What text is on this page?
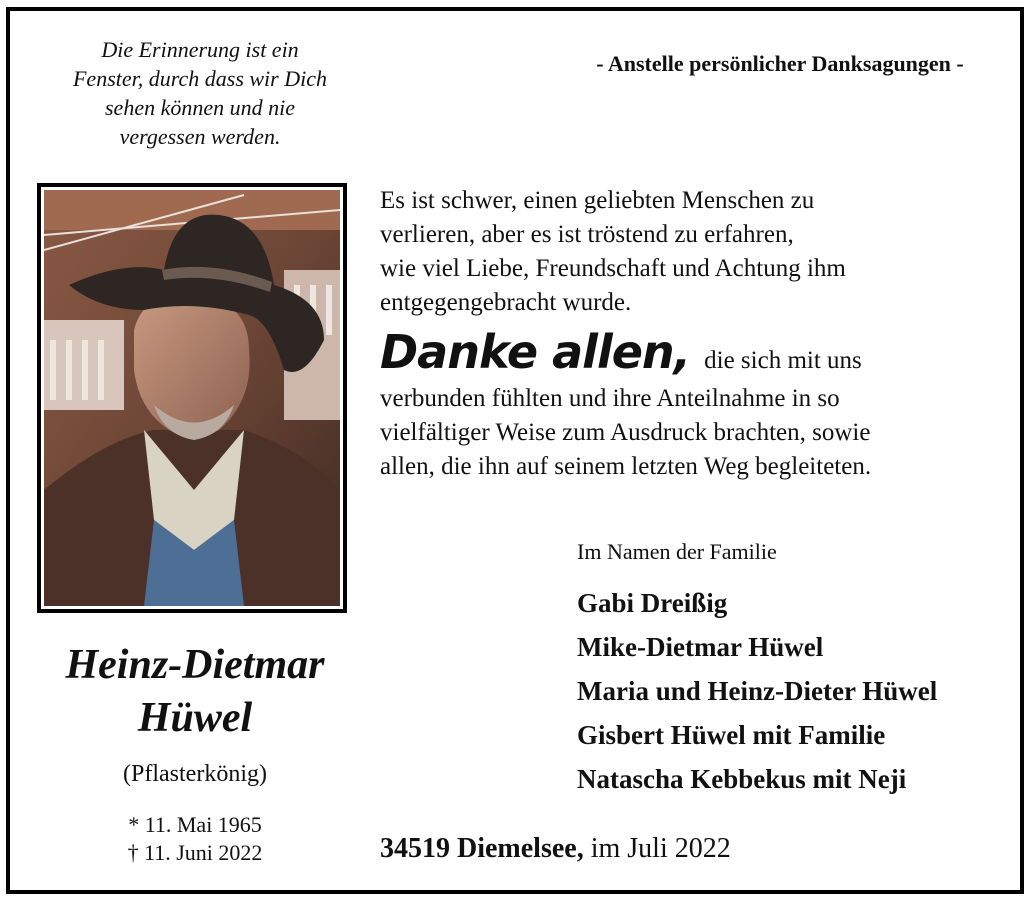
Die Erinnerung ist ein
Fenster, durch dass wir Dich
sehen können und nie
vergessen werden.
- Anstelle persönlicher Danksagungen -
Heinz-Dietmar
Hüwel
(Pflasterkönig)
* 11. Mai 1965
† 11. Juni 2022
Es ist schwer, einen geliebten Menschen zu
verlieren, aber es ist tröstend zu erfahren,
wie viel Liebe, Freundschaft und Achtung ihm
entgegengebracht wurde.
Danke allen, die sich mit uns
verbunden fühlten und ihre Anteilnahme in so
vielfältiger Weise zum Ausdruck brachten, sowie
allen, die ihn auf seinem letzten Weg begleiteten.
Im Namen der Familie
Gabi Dreißig
Mike-Dietmar Hüwel
Maria und Heinz-Dieter Hüwel
Gisbert Hüwel mit Familie
Natascha Kebbekus mit Neji
34519 Diemelsee, im Juli 2022
